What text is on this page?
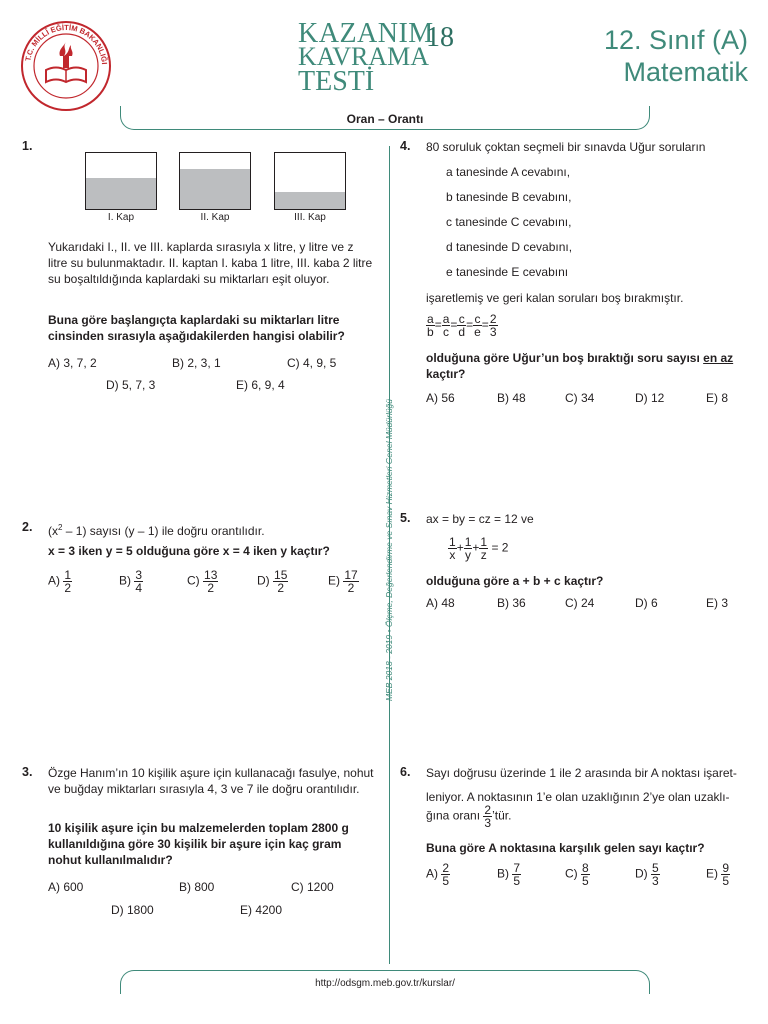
T.C. MİLLÎ EĞİTİM BAKANLIĞI
KAZANIM
KAVRAMA
TESTİ
18	12. Sınıf (A)
Matematik
Oran – Orantı
MEB 2018 - 2019 • Ölçme, Değerlendirme ve Sınav Hizmetleri Genel Müdürlüğü
1.
I. Kap	II. Kap	III. Kap
Yukarıdaki I., II. ve III. kaplarda sırasıyla x litre, y litre ve z litre su bulunmaktadır. II. kaptan I. kaba 1 litre, III. kaba 2 litre su boşaltıldığında kaplardaki su miktarları eşit oluyor.
Buna göre başlangıçta kaplardaki su miktarları litre cinsinden sırasıyla aşağıdakilerden hangisi olabilir?
A) 3, 7, 2	B) 2, 3, 1	C) 4, 9, 5
D) 5, 7, 3	E) 6, 9, 4
2. $(x^2 - 1)$ sayısı (y – 1) ile doğru orantılıdır.
x = 3 iken y = 5 olduğuna göre x = 4 iken y kaçtır?
$A) \frac{1}{2}$	$B) \frac{3}{4}$	$C) \frac{13}{2}$	$D) \frac{15}{2}$	$E) \frac{17}{2}$
3. Özge Hanım’ın 10 kişilik aşure için kullanacağı fasulye, nohut ve buğday miktarları sırasıyla 4, 3 ve 7 ile doğru orantılıdır.
10 kişilik aşure için bu malzemelerden toplam 2800 g kullanıldığına göre 30 kişilik bir aşure için kaç gram nohut kullanılmalıdır?
A) 600	B) 800	C) 1200
D) 1800	E) 4200
4. 80 soruluk çoktan seçmeli bir sınavda Uğur soruların
a tanesinde A cevabını,
b tanesinde B cevabını,
c tanesinde C cevabını,
d tanesinde D cevabını,
e tanesinde E cevabını
işaretlemiş ve geri kalan soruları boş bırakmıştır.
$\frac{a}{b} = \frac{a}{c} = \frac{c}{d} = \frac{c}{e} = \frac{2}{3}$
olduğuna göre Uğur’un boş bıraktığı soru sayısı en az kaçtır?
A) 56	B) 48	C) 34	D) 12	E) 8
5. ax = by = cz = 12 ve
$\frac{1}{x} + \frac{1}{y} + \frac{1}{z} = 2$
olduğuna göre a + b + c kaçtır?
A) 48	B) 36	C) 24	D) 6	E) 3
6. Sayı doğrusu üzerinde 1 ile 2 arasında bir A noktası işaret-
leniyor. A noktasının 1’e olan uzaklığının 2’ye olan uzaklı-
ğına oranı $\frac{2}{3}$ ’tür.
Buna göre A noktasına karşılık gelen sayı kaçtır?
$A) \frac{2}{5}$	$B) \frac{7}{5}$	$C) \frac{8}{5}$	$D) \frac{5}{3}$	$E) \frac{9}{5}$
http://odsgm.meb.gov.tr/kurslar/
